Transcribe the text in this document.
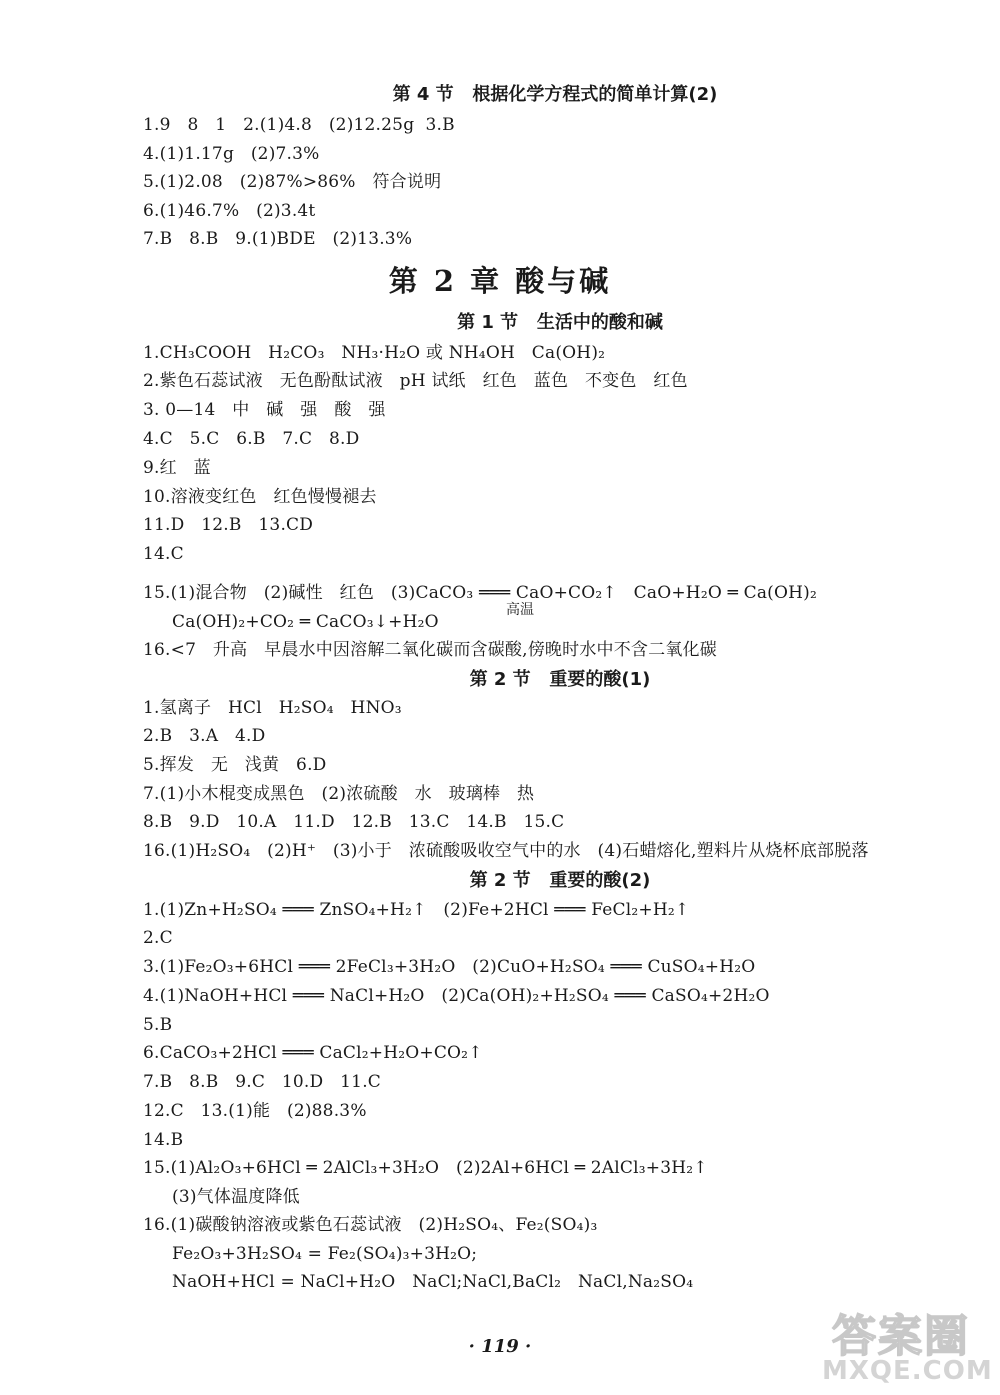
第 4 节   根据化学方程式的简单计算(2)
1.9   8   1   2.(1)4.8   (2)12.25g  3.B
4.(1)1.17g   (2)7.3%
5.(1)2.08   (2)87%>86%   符合说明
6.(1)46.7%   (2)3.4t
7.B   8.B   9.(1)BDE   (2)13.3%
第 2 章 酸与碱
第 1 节   生活中的酸和碱
1.CH₃COOH   H₂CO₃   NH₃·H₂O 或 NH₄OH   Ca(OH)₂
2.紫色石蕊试液   无色酚酞试液   pH 试纸   红色   蓝色   不变色   红色
3. 0—14   中   碱   强   酸   强
4.C   5.C   6.B   7.C   8.D
9.红   蓝
10.溶液变红色   红色慢慢褪去
11.D   12.B   13.CD
14.C
15.(1)混合物   (2)碱性   红色   (3)CaCO₃ ═══ CaO+CO₂↑   CaO+H₂O ═ Ca(OH)₂
Ca(OH)₂+CO₂ ═ CaCO₃↓+H₂O
16.<7   升高   早晨水中因溶解二氧化碳而含碳酸,傍晚时水中不含二氧化碳
第 2 节   重要的酸(1)
1.氢离子   HCl   H₂SO₄   HNO₃
2.B   3.A   4.D
5.挥发   无   浅黄   6.D
7.(1)小木棍变成黑色   (2)浓硫酸   水   玻璃棒   热
8.B   9.D   10.A   11.D   12.B   13.C   14.B   15.C
16.(1)H₂SO₄   (2)H⁺   (3)小于   浓硫酸吸收空气中的水   (4)石蜡熔化,塑料片从烧杯底部脱落
第 2 节   重要的酸(2)
1.(1)Zn+H₂SO₄ ═══ ZnSO₄+H₂↑   (2)Fe+2HCl ═══ FeCl₂+H₂↑
2.C
3.(1)Fe₂O₃+6HCl ═══ 2FeCl₃+3H₂O   (2)CuO+H₂SO₄ ═══ CuSO₄+H₂O
4.(1)NaOH+HCl ═══ NaCl+H₂O   (2)Ca(OH)₂+H₂SO₄ ═══ CaSO₄+2H₂O
5.B
6.CaCO₃+2HCl ═══ CaCl₂+H₂O+CO₂↑
7.B   8.B   9.C   10.D   11.C
12.C   13.(1)能   (2)88.3%
14.B
15.(1)Al₂O₃+6HCl ═ 2AlCl₃+3H₂O   (2)2Al+6HCl ═ 2AlCl₃+3H₂↑
(3)气体温度降低
16.(1)碳酸钠溶液或紫色石蕊试液   (2)H₂SO₄、Fe₂(SO₄)₃
Fe₂O₃+3H₂SO₄ = Fe₂(SO₄)₃+3H₂O;
NaOH+HCl = NaCl+H₂O   NaCl;NaCl,BaCl₂   NaCl,Na₂SO₄
高温
· 119 ·	答案圈
MXQE.COM
